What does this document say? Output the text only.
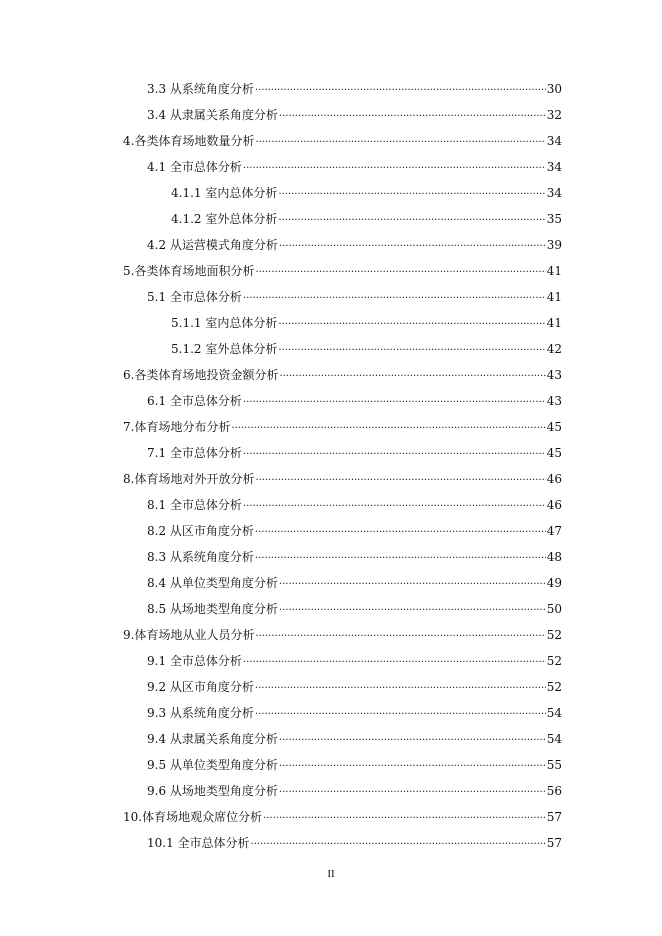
3.3 从系统角度分析 .....	30
3.4 从隶属关系角度分析 .....	32
4.各类体育场地数量分析 .....	34
4.1 全市总体分析 .....	34
4.1.1 室内总体分析 .....	34
4.1.2 室外总体分析 .....	35
4.2 从运营模式角度分析 .....	39
5.各类体育场地面积分析 .....	41
5.1 全市总体分析 .....	41
5.1.1 室内总体分析 .....	41
5.1.2 室外总体分析 .....	42
6.各类体育场地投资金额分析 .....	43
6.1 全市总体分析 .....	43
7.体育场地分布分析 .....	45
7.1 全市总体分析 .....	45
8.体育场地对外开放分析 .....	46
8.1 全市总体分析 .....	46
8.2 从区市角度分析 .....	47
8.3 从系统角度分析 .....	48
8.4 从单位类型角度分析 .....	49
8.5 从场地类型角度分析 .....	50
9.体育场地从业人员分析 .....	52
9.1 全市总体分析 .....	52
9.2 从区市角度分析 .....	52
9.3 从系统角度分析 .....	54
9.4 从隶属关系角度分析 .....	54
9.5 从单位类型角度分析 .....	55
9.6 从场地类型角度分析 .....	56
10.体育场地观众席位分析 .....	57
10.1 全市总体分析 .....	57
II
